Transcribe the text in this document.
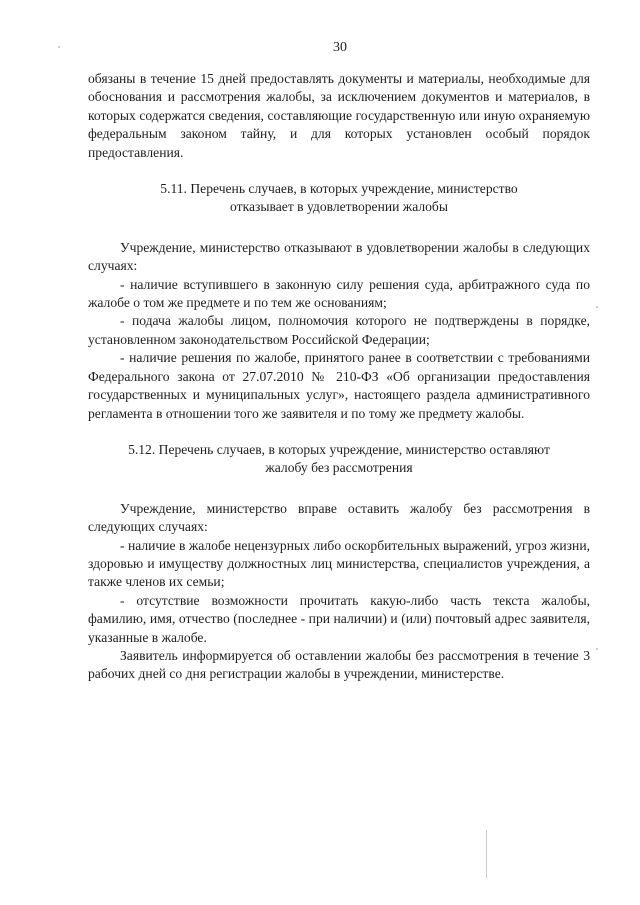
30

обязаны в течение 15 дней предоставлять документы и материалы, необходимые для обоснования и рассмотрения жалобы, за исключением документов и материалов, в которых содержатся сведения, составляющие государственную или иную охраняемую федеральным законом тайну, и для которых установлен особый порядок предоставления.

5.11. Перечень случаев, в которых учреждение, министерство

отказывает в удовлетворении жалобы

Учреждение, министерство отказывают в удовлетворении жалобы в следующих случаях:

- наличие вступившего в законную силу решения суда, арбитражного суда по жалобе о том же предмете и по тем же основаниям;

- подача жалобы лицом, полномочия которого не подтверждены в порядке, установленном законодательством Российской Федерации;

- наличие решения по жалобе, принятого ранее в соответствии с требованиями Федерального закона от 27.07.2010 № 210-ФЗ «Об организации предоставления государственных и муниципальных услуг», настоящего раздела административного регламента в отношении того же заявителя и по тому же предмету жалобы.

5.12. Перечень случаев, в которых учреждение, министерство оставляют

жалобу без рассмотрения

Учреждение, министерство вправе оставить жалобу без рассмотрения в следующих случаях:

- наличие в жалобе нецензурных либо оскорбительных выражений, угроз жизни, здоровью и имуществу должностных лиц министерства, специалистов учреждения, а также членов их семьи;

- отсутствие возможности прочитать какую-либо часть текста жалобы, фамилию, имя, отчество (последнее - при наличии) и (или) почтовый адрес заявителя, указанные в жалобе.

Заявитель информируется об оставлении жалобы без рассмотрения в течение 3 рабочих дней со дня регистрации жалобы в учреждении, министерстве.
